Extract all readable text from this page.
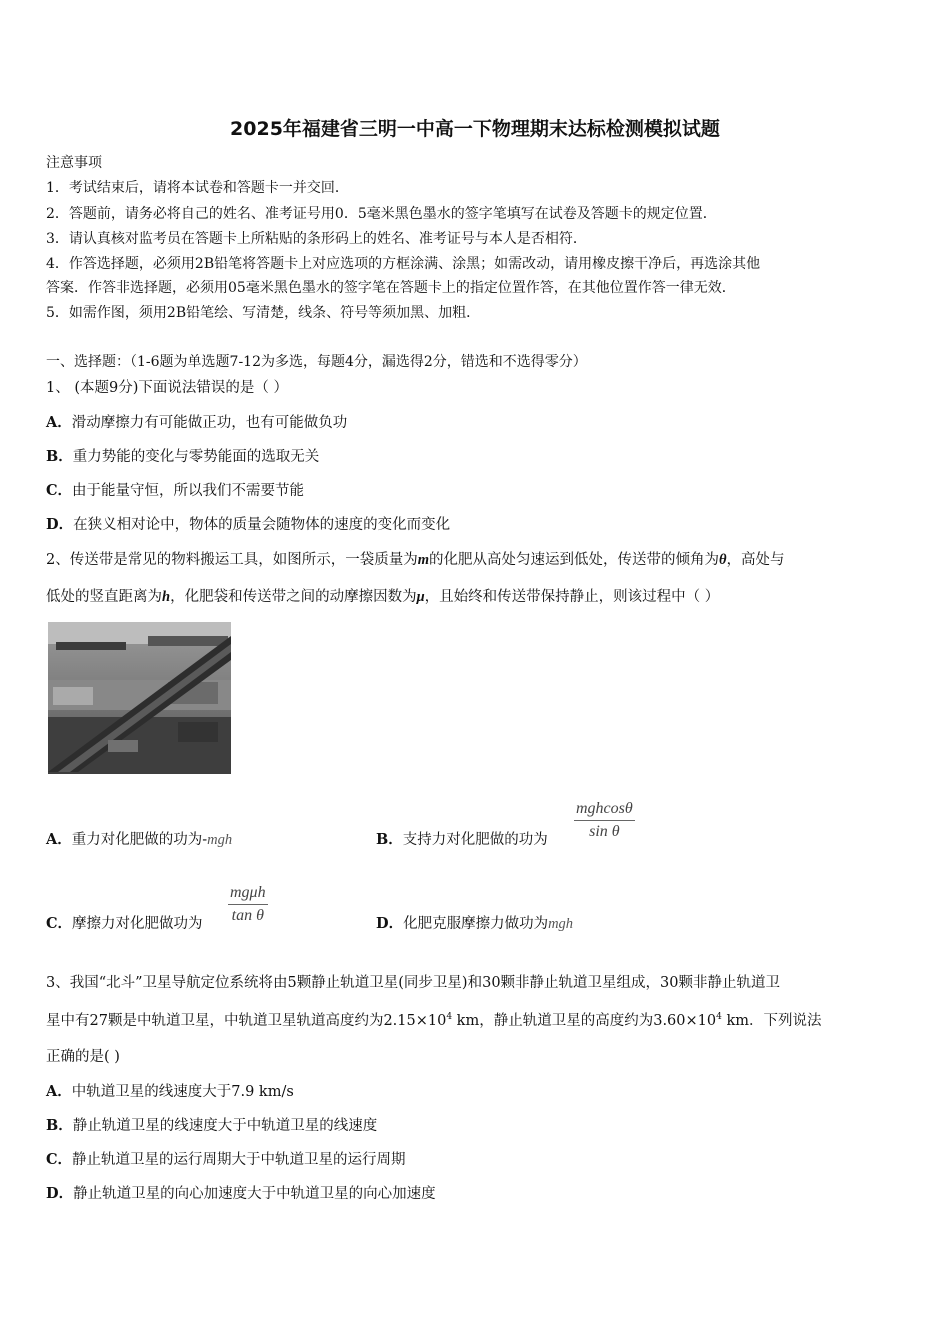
2025年福建省三明一中高一下物理期末达标检测模拟试题
注意事项
1．考试结束后，请将本试卷和答题卡一并交回．
2．答题前，请务必将自己的姓名、准考证号用0．5毫米黑色墨水的签字笔填写在试卷及答题卡的规定位置．
3．请认真核对监考员在答题卡上所粘贴的条形码上的姓名、准考证号与本人是否相符．
4．作答选择题，必须用2B铅笔将答题卡上对应选项的方框涂满、涂黑；如需改动，请用橡皮擦干净后，再选涂其他
答案．作答非选择题，必须用05毫米黑色墨水的签字笔在答题卡上的指定位置作答，在其他位置作答一律无效．
5．如需作图，须用2B铅笔绘、写清楚，线条、符号等须加黑、加粗．
一、选择题：（1-6题为单选题7-12为多选，每题4分，漏选得2分，错选和不选得零分）
1、 (本题9分)下面说法错误的是（ ）
A．滑动摩擦力有可能做正功，也有可能做负功
B．重力势能的变化与零势能面的选取无关
C．由于能量守恒，所以我们不需要节能
D．在狭义相对论中，物体的质量会随物体的速度的变化而变化
2、传送带是常见的物料搬运工具，如图所示，一袋质量为m的化肥从高处匀速运到低处，传送带的倾角为θ，高处与
低处的竖直距离为h，化肥袋和传送带之间的动摩擦因数为μ，且始终和传送带保持静止，则该过程中（ ）
A．重力对化肥做的功为-mgh	B．支持力对化肥做的功为
mghcosθ
sin θ
C．摩擦力对化肥做功为
mgμh
tan θ	D．化肥克服摩擦力做功为mgh
3、我国“北斗”卫星导航定位系统将由5颗静止轨道卫星(同步卫星)和30颗非静止轨道卫星组成，30颗非静止轨道卫
星中有27颗是中轨道卫星，中轨道卫星轨道高度约为$2.15\times 10^4$ km，静止轨道卫星的高度约为$3.60\times 10^4$ km．下列说法
正确的是( )
A．中轨道卫星的线速度大于7.9 km/s
B．静止轨道卫星的线速度大于中轨道卫星的线速度
C．静止轨道卫星的运行周期大于中轨道卫星的运行周期
D．静止轨道卫星的向心加速度大于中轨道卫星的向心加速度
